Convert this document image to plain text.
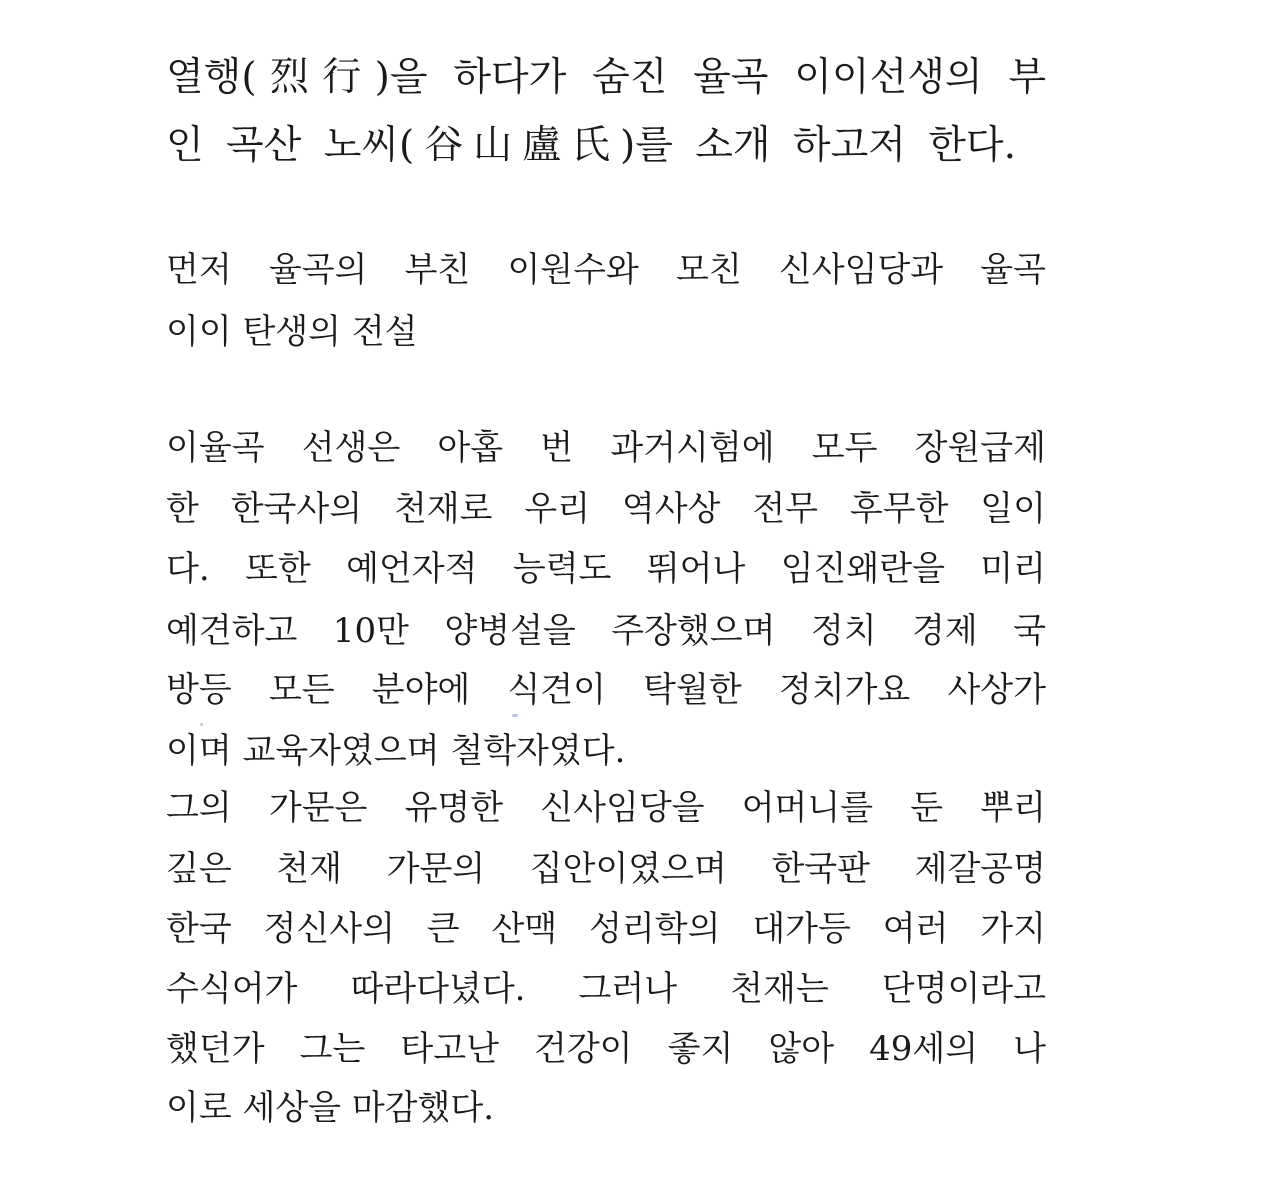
열행(烈行)을 하다가 숨진 율곡 이이선생의 부
인 곡산 노씨(谷山盧氏)를 소개 하고저 한다.
먼저 율곡의 부친 이원수와 모친 신사임당과 율곡
이이 탄생의 전설
이율곡 선생은 아홉 번 과거시험에 모두 장원급제
한 한국사의 천재로 우리 역사상 전무 후무한 일이
다. 또한 예언자적 능력도 뛰어나 임진왜란을 미리
예견하고 10만 양병설을 주장했으며 정치 경제 국
방등 모든 분야에 식견이 탁월한 정치가요 사상가
이며 교육자였으며 철학자였다.
그의 가문은 유명한 신사임당을 어머니를 둔 뿌리
깊은 천재 가문의 집안이였으며 한국판 제갈공명
한국 정신사의 큰 산맥 성리학의 대가등 여러 가지
수식어가 따라다녔다. 그러나 천재는 단명이라고
했던가 그는 타고난 건강이 좋지 않아 49세의 나
이로 세상을 마감했다.
